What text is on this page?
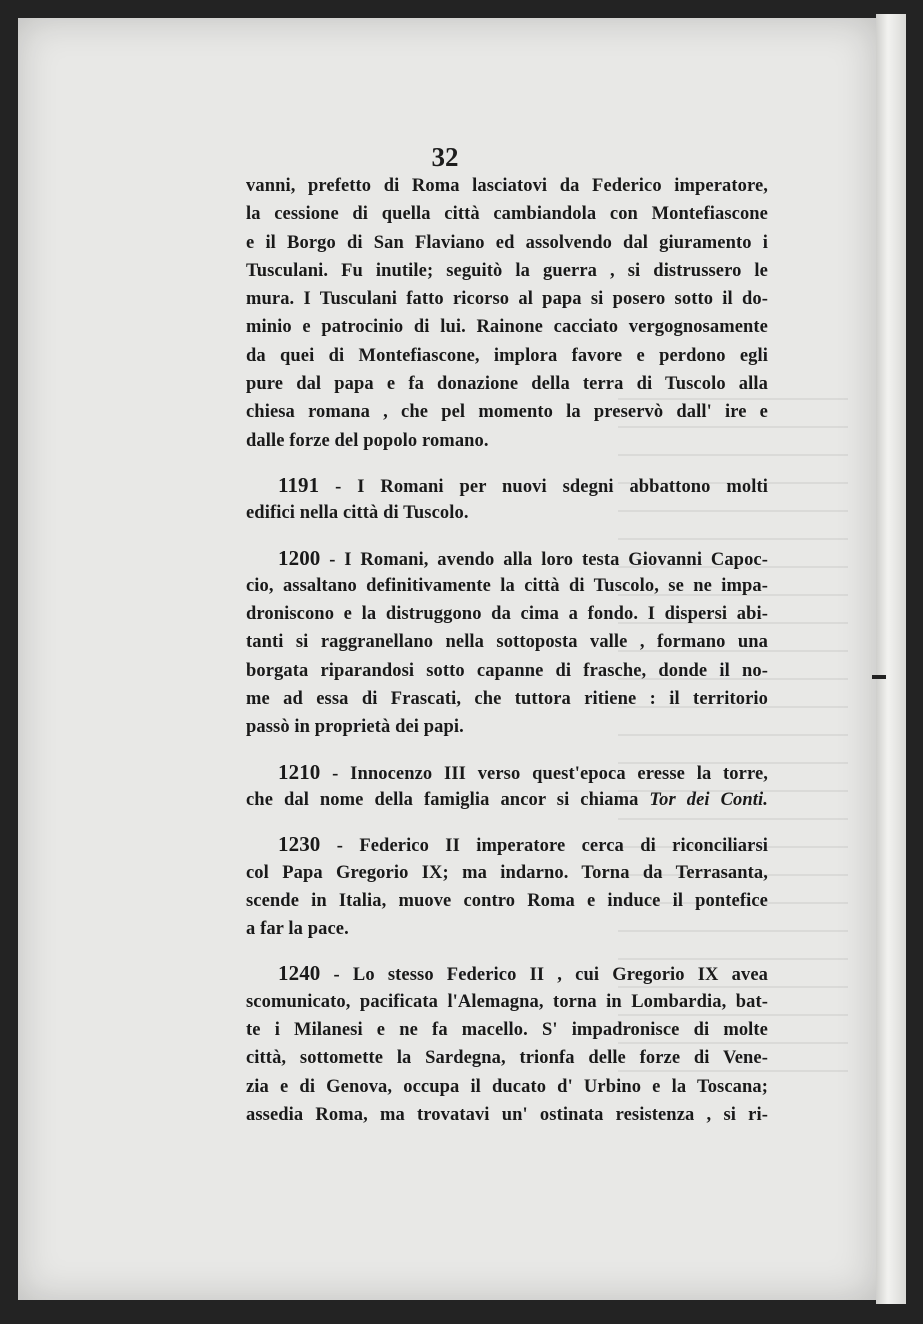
32
vanni, prefetto di Roma lasciatovi da Federico imperatore,
la cessione di quella città cambiandola con Montefiascone
e il Borgo di San Flaviano ed assolvendo dal giuramento i
Tusculani. Fu inutile; seguitò la guerra , si distrussero le
mura. I Tusculani fatto ricorso al papa si posero sotto il do-
minio e patrocinio di lui. Rainone cacciato vergognosamente
da quei di Montefiascone, implora favore e perdono egli
pure dal papa e fa donazione della terra di Tuscolo alla
chiesa romana , che pel momento la preservò dall' ire e
dalle forze del popolo romano.
1191 - I Romani per nuovi sdegni abbattono molti
edifici nella città di Tuscolo.
1200 - I Romani, avendo alla loro testa Giovanni Capoc-
cio, assaltano definitivamente la città di Tuscolo, se ne impa-
droniscono e la distruggono da cima a fondo. I dispersi abi-
tanti si raggranellano nella sottoposta valle , formano una
borgata riparandosi sotto capanne di frasche, donde il no-
me ad essa di Frascati, che tuttora ritiene : il territorio
passò in proprietà dei papi.
1210 - Innocenzo III verso quest'epoca eresse la torre,
che dal nome della famiglia ancor si chiama Tor dei Conti.
1230 - Federico II imperatore cerca di riconciliarsi
col Papa Gregorio IX; ma indarno. Torna da Terrasanta,
scende in Italia, muove contro Roma e induce il pontefice
a far la pace.
1240 - Lo stesso Federico II , cui Gregorio IX avea
scomunicato, pacificata l'Alemagna, torna in Lombardia, bat-
te i Milanesi e ne fa macello. S' impadronisce di molte
città, sottomette la Sardegna, trionfa delle forze di Vene-
zia e di Genova, occupa il ducato d' Urbino e la Toscana;
assedia Roma, ma trovatavi un' ostinata resistenza , si ri-
